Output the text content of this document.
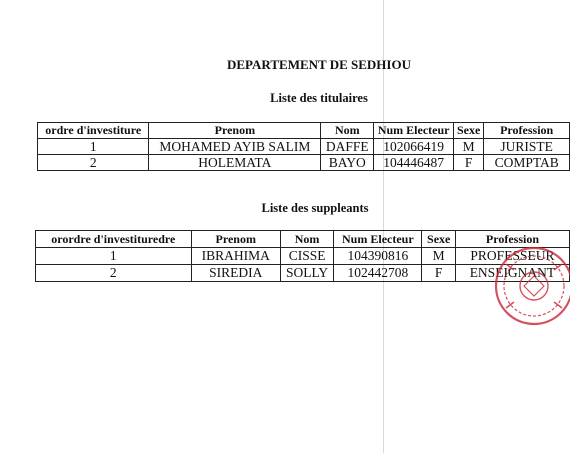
DEPARTEMENT DE SEDHIOU
Liste des titulaires
ordre d'investiture	Prenom	Nom	Num Electeur	Sexe	Profession
1	MOHAMED AYIB SALIM	DAFFE	102066419	M	JURISTE
2	HOLEMATA	BAYO	104446487	F	COMPTAB
Liste des suppleants
orordre d'investituredre	Prenom	Nom	Num Electeur	Sexe	Profession
1	IBRAHIMA	CISSE	104390816	M	PROFESSEUR
2	SIREDIA	SOLLY	102442708	F	ENSEIGNANT
